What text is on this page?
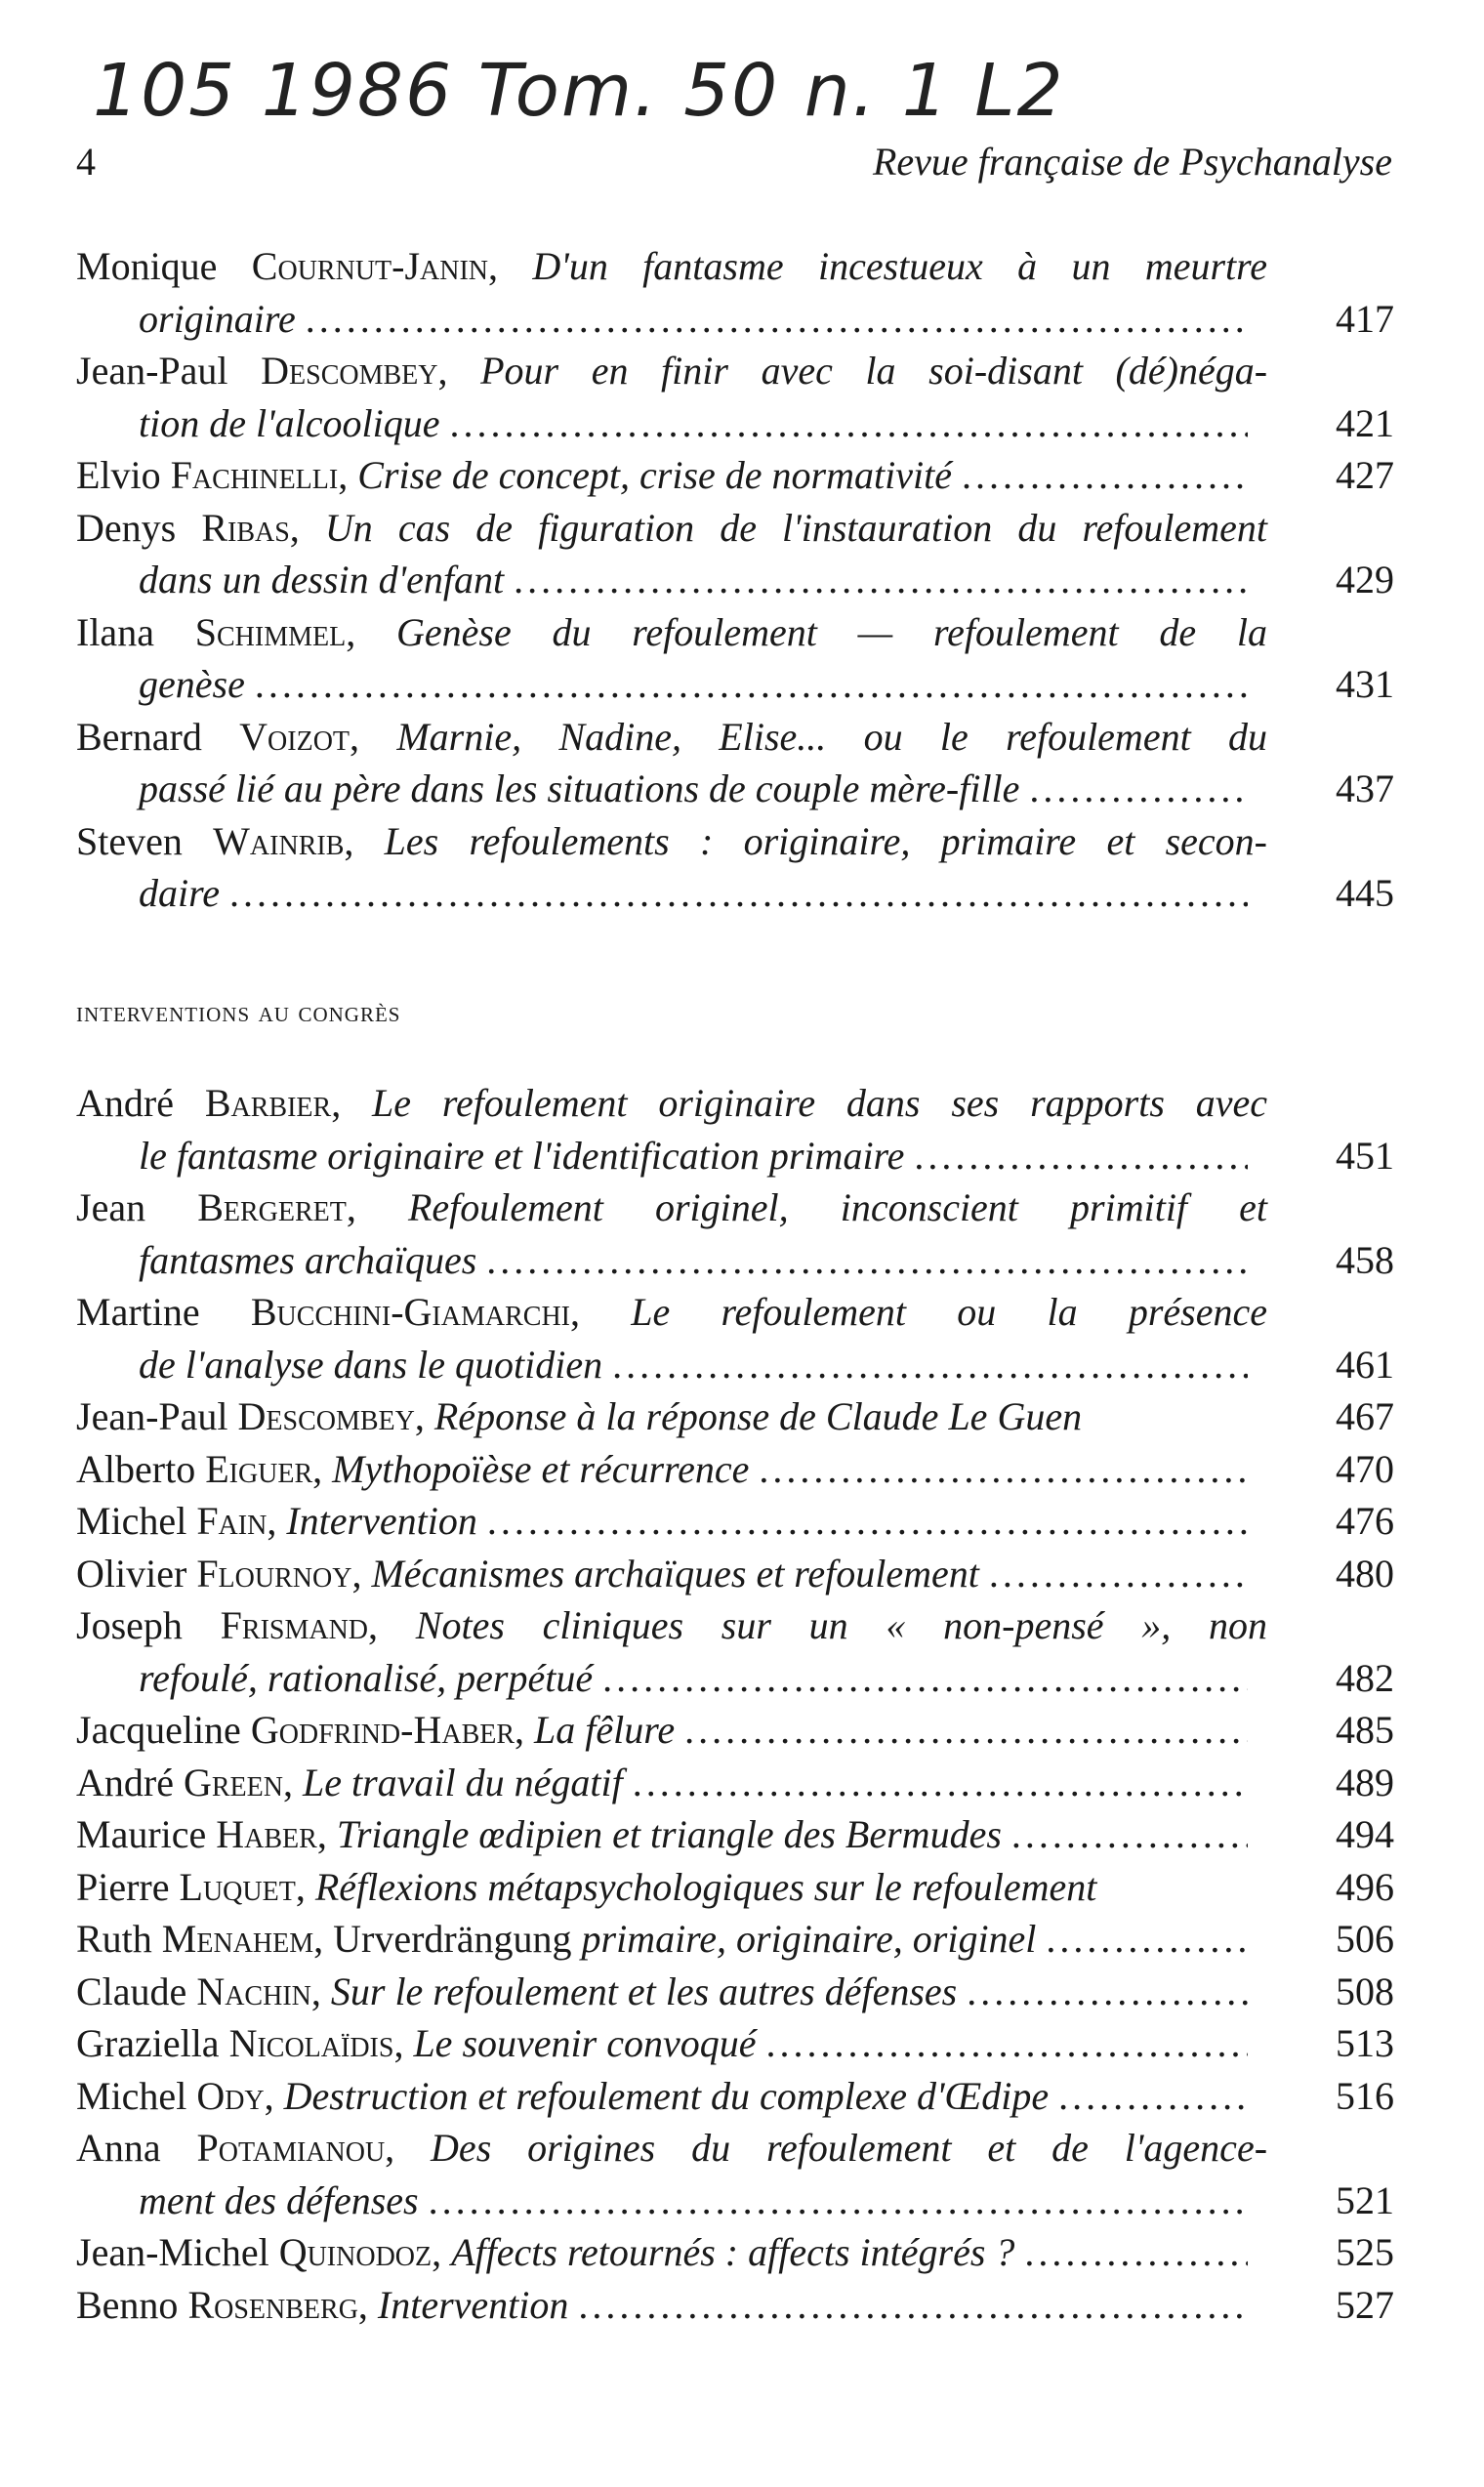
105 1986 Tom. 50 n. 1 L2
4	Revue française de Psychanalyse
Monique Cournut-Janin, D'un fantasme incestueux à un meurtre
originaire . . .	417
Jean-Paul Descombey, Pour en finir avec la soi-disant (dé)néga-
tion de l'alcoolique . . .	421
Elvio Fachinelli, Crise de concept, crise de normativité . . .	427
Denys Ribas, Un cas de figuration de l'instauration du refoulement
dans un dessin d'enfant . . .	429
Ilana Schimmel, Genèse du refoulement — refoulement de la
genèse . . .	431
Bernard Voizot, Marnie, Nadine, Elise... ou le refoulement du
passé lié au père dans les situations de couple mère-fille . . .	437
Steven Wainrib, Les refoulements : originaire, primaire et secon-
daire . . .	445
interventions au congrès
André Barbier, Le refoulement originaire dans ses rapports avec
le fantasme originaire et l'identification primaire . . .	451
Jean Bergeret, Refoulement originel, inconscient primitif et
fantasmes archaïques . . .	458
Martine Bucchini-Giamarchi, Le refoulement ou la présence
de l'analyse dans le quotidien . . .	461
Jean-Paul Descombey, Réponse à la réponse de Claude Le Guen	467
Alberto Eiguer, Mythopoïèse et récurrence . . .	470
Michel Fain, Intervention . . .	476
Olivier Flournoy, Mécanismes archaïques et refoulement . . .	480
Joseph Frismand, Notes cliniques sur un « non-pensé », non
refoulé, rationalisé, perpétué . . .	482
Jacqueline Godfrind-Haber, La fêlure . . .	485
André Green, Le travail du négatif . . .	489
Maurice Haber, Triangle œdipien et triangle des Bermudes . . .	494
Pierre Luquet, Réflexions métapsychologiques sur le refoulement	496
Ruth Menahem, Urverdrängung primaire, originaire, originel . . .	506
Claude Nachin, Sur le refoulement et les autres défenses . . .	508
Graziella Nicolaïdis, Le souvenir convoqué . . .	513
Michel Ody, Destruction et refoulement du complexe d'Œdipe . . .	516
Anna Potamianou, Des origines du refoulement et de l'agence-
ment des défenses . . .	521
Jean-Michel Quinodoz, Affects retournés : affects intégrés ? . . .	525
Benno Rosenberg, Intervention . . .	527
